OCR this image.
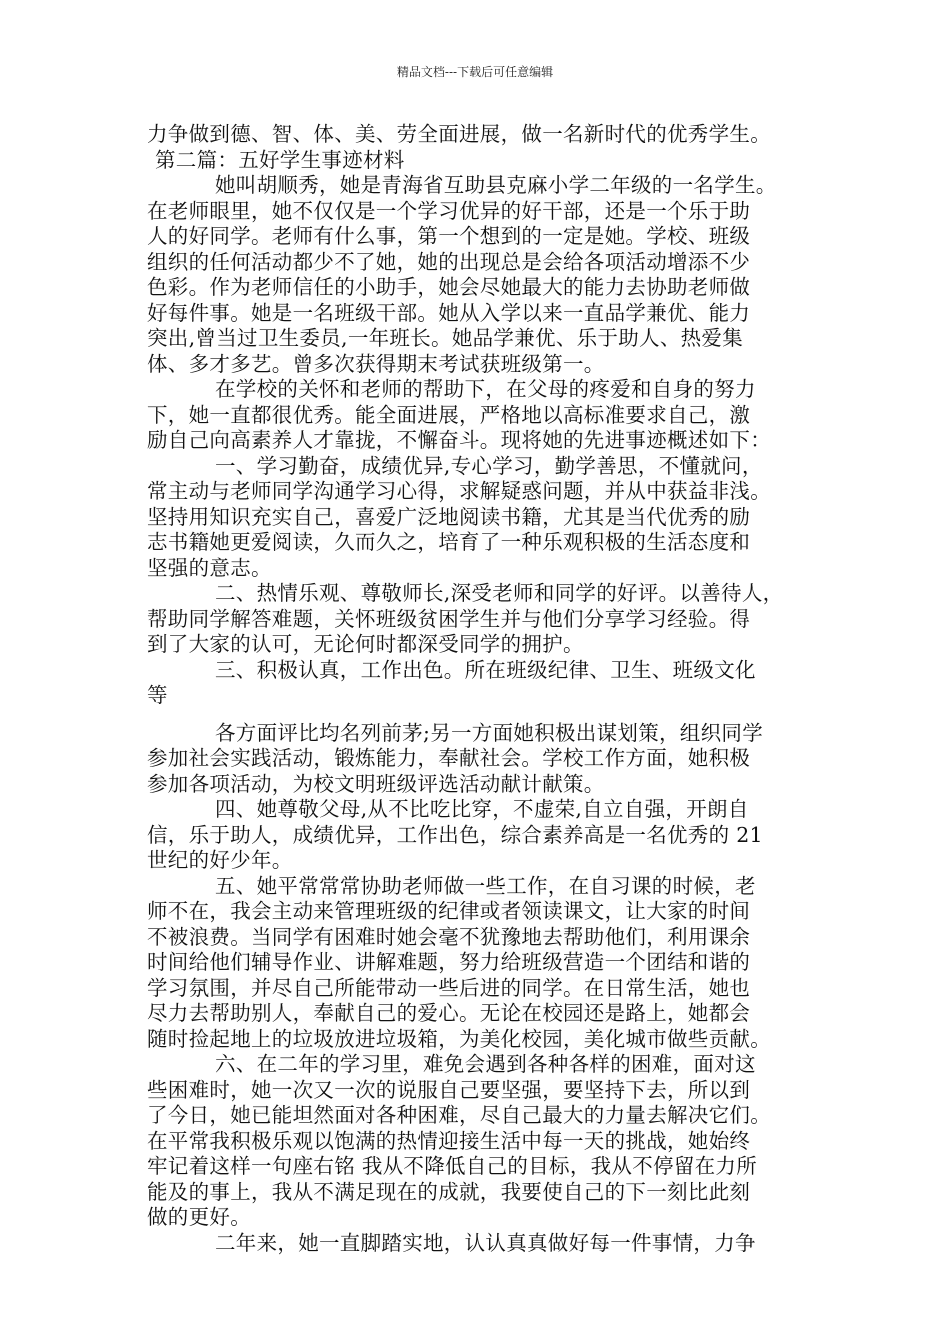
精品文档---下载后可任意编辑
力争做到德、智、体、美、劳全面进展，做一名新时代的优秀学生。
第二篇：五好学生事迹材料
她叫胡顺秀，她是青海省互助县克麻小学二年级的一名学生。
在老师眼里，她不仅仅是一个学习优异的好干部，还是一个乐于助
人的好同学。老师有什么事，第一个想到的一定是她。学校、班级
组织的任何活动都少不了她，她的出现总是会给各项活动增添不少
色彩。作为老师信任的小助手，她会尽她最大的能力去协助老师做
好每件事。她是一名班级干部。她从入学以来一直品学兼优、能力
突出,曾当过卫生委员,一年班长。她品学兼优、乐于助人、热爱集
体、多才多艺。曾多次获得期末考试获班级第一。
在学校的关怀和老师的帮助下，在父母的疼爱和自身的努力
下，她一直都很优秀。能全面进展，严格地以高标准要求自己，激
励自己向高素养人才靠拢，不懈奋斗。现将她的先进事迹概述如下：
一、学习勤奋，成绩优异,专心学习，勤学善思，不懂就问，
常主动与老师同学沟通学习心得，求解疑惑问题，并从中获益非浅。
坚持用知识充实自己，喜爱广泛地阅读书籍，尤其是当代优秀的励
志书籍她更爱阅读，久而久之，培育了一种乐观积极的生活态度和
坚强的意志。
二、热情乐观、尊敬师长,深受老师和同学的好评。以善待人，
帮助同学解答难题，关怀班级贫困学生并与他们分享学习经验。得
到了大家的认可，无论何时都深受同学的拥护。
三、积极认真，工作出色。所在班级纪律、卫生、班级文化
等
各方面评比均名列前茅;另一方面她积极出谋划策，组织同学
参加社会实践活动，锻炼能力，奉献社会。学校工作方面，她积极
参加各项活动，为校文明班级评选活动献计献策。
四、她尊敬父母,从不比吃比穿，不虚荣,自立自强，开朗自
信，乐于助人，成绩优异，工作出色，综合素养高是一名优秀的 21
世纪的好少年。
五、她平常常常协助老师做一些工作，在自习课的时候，老
师不在，我会主动来管理班级的纪律或者领读课文，让大家的时间
不被浪费。当同学有困难时她会毫不犹豫地去帮助他们，利用课余
时间给他们辅导作业、讲解难题，努力给班级营造一个团结和谐的
学习氛围，并尽自己所能带动一些后进的同学。在日常生活，她也
尽力去帮助别人，奉献自己的爱心。无论在校园还是路上，她都会
随时捡起地上的垃圾放进垃圾箱，为美化校园，美化城市做些贡献。
六、在二年的学习里，难免会遇到各种各样的困难，面对这
些困难时，她一次又一次的说服自己要坚强，要坚持下去，所以到
了今日，她已能坦然面对各种困难，尽自己最大的力量去解决它们。
在平常我积极乐观以饱满的热情迎接生活中每一天的挑战，她始终
牢记着这样一句座右铭 我从不降低自己的目标，我从不停留在力所
能及的事上，我从不满足现在的成就，我要使自己的下一刻比此刻
做的更好。
二年来，她一直脚踏实地，认认真真做好每一件事情，力争
